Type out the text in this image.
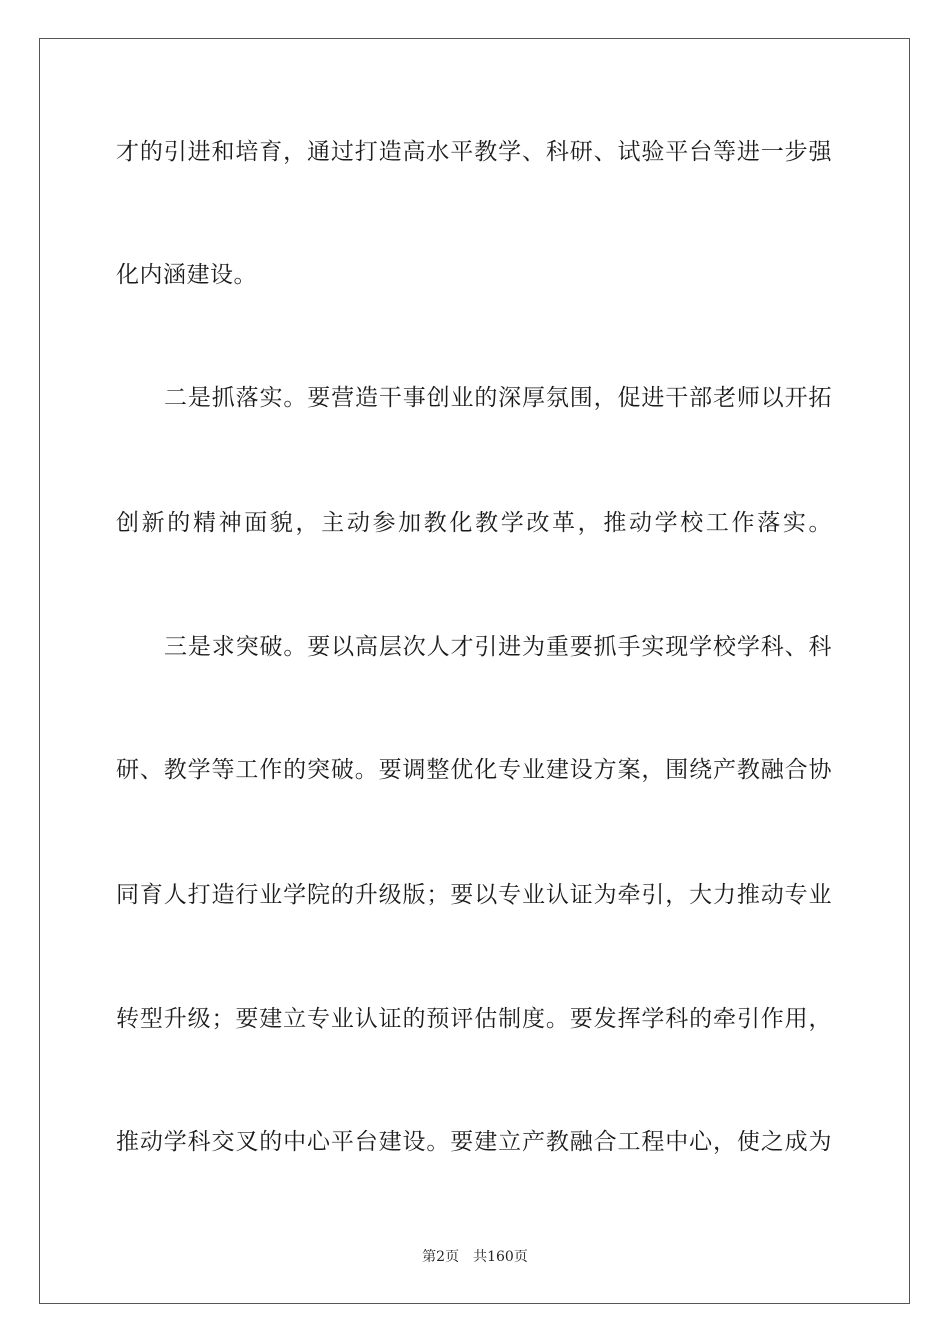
才的引进和培育，通过打造高水平教学、科研、试验平台等进一步强
化内涵建设。
二是抓落实。要营造干事创业的深厚氛围，促进干部老师以开拓
创新的精神面貌，主动参加教化教学改革，推动学校工作落实。
三是求突破。要以高层次人才引进为重要抓手实现学校学科、科
研、教学等工作的突破。要调整优化专业建设方案，围绕产教融合协
同育人打造行业学院的升级版；要以专业认证为牵引，大力推动专业
转型升级；要建立专业认证的预评估制度。要发挥学科的牵引作用，
推动学科交叉的中心平台建设。要建立产教融合工程中心，使之成为
第2页 共160页
